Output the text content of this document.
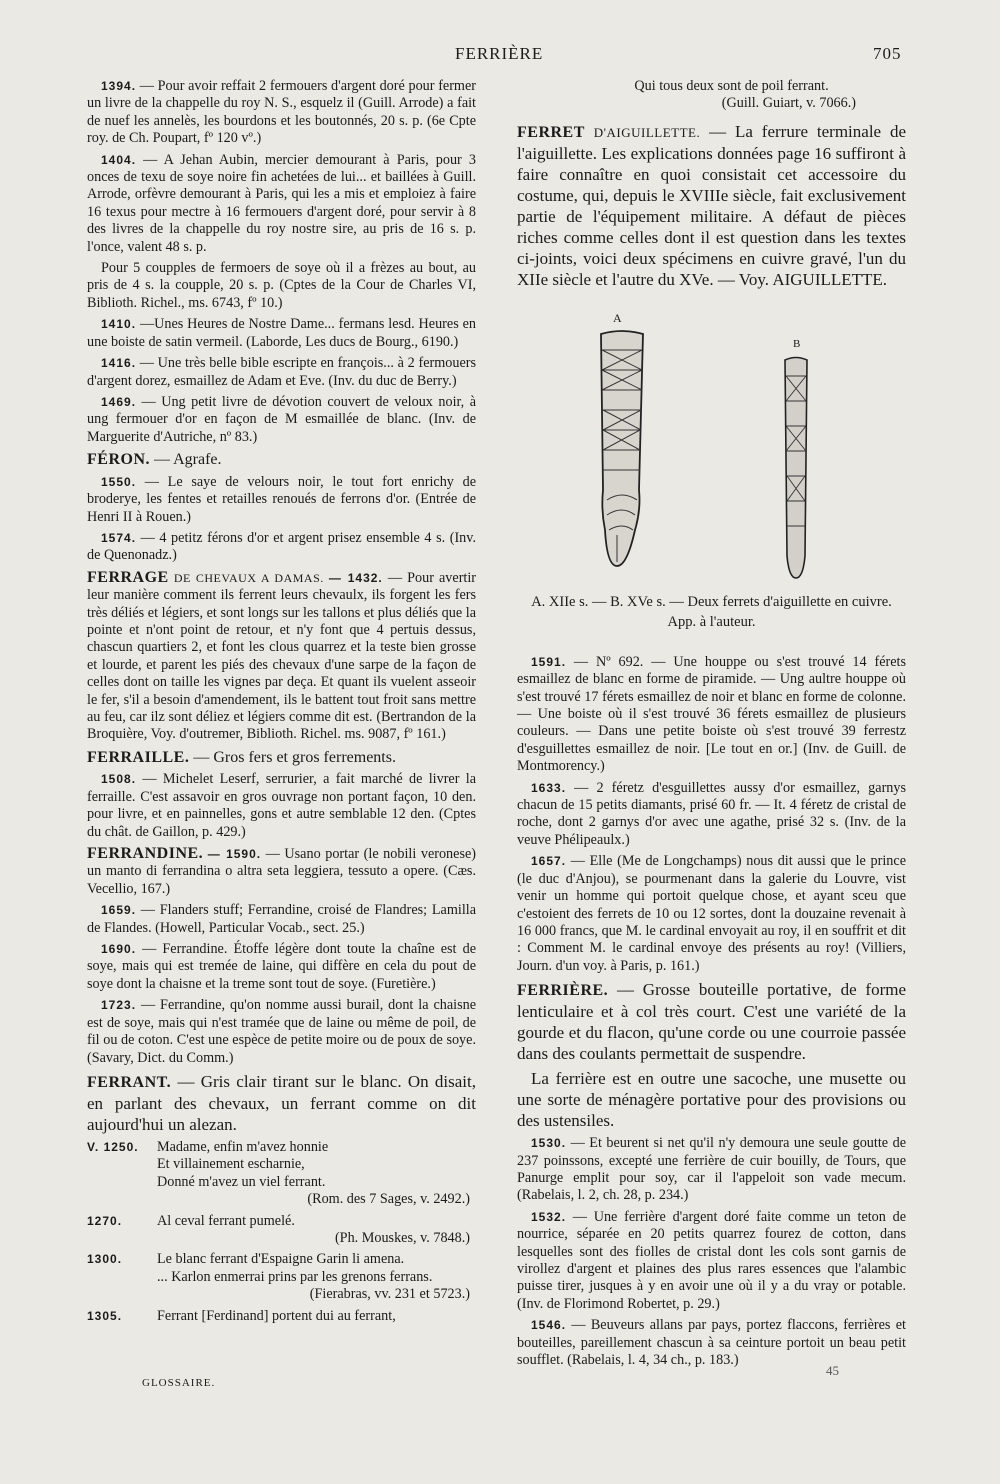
FERRIÈRE	705

1394. — Pour avoir reffait 2 fermouers d'argent doré pour fermer un livre de la chappelle du roy N. S., esquelz il (Guill. Arrode) a fait de nuef les annelès, les bourdons et les boutonnés, 20 s. p. (6e Cpte roy. de Ch. Poupart, fº 120 vº.)

1404. — A Jehan Aubin, mercier demourant à Paris, pour 3 onces de texu de soye noire fin achetées de lui... et baillées à Guill. Arrode, orfèvre demourant à Paris, qui les a mis et emploiez à faire 16 texus pour mectre à 16 fermouers d'argent doré, pour servir à 8 des livres de la chappelle du roy nostre sire, au pris de 16 s. p. l'once, valent 48 s. p.

Pour 5 coupples de fermoers de soye où il a frèzes au bout, au pris de 4 s. la coupple, 20 s. p. (Cptes de la Cour de Charles VI, Biblioth. Richel., ms. 6743, fº 10.)

1410. —Unes Heures de Nostre Dame... fermans lesd. Heures en une boiste de satin vermeil. (Laborde, Les ducs de Bourg., 6190.)

1416. — Une très belle bible escripte en françois... à 2 fermouers d'argent dorez, esmaillez de Adam et Eve. (Inv. du duc de Berry.)

1469. — Ung petit livre de dévotion couvert de veloux noir, à ung fermouer d'or en façon de M esmaillée de blanc. (Inv. de Marguerite d'Autriche, nº 83.)

FÉRON. — Agrafe.

1550. — Le saye de velours noir, le tout fort enrichy de broderye, les fentes et retailles renoués de ferrons d'or. (Entrée de Henri II à Rouen.)

1574. — 4 petitz férons d'or et argent prisez ensemble 4 s. (Inv. de Quenonadz.)

FERRAGE DE CHEVAUX A DAMAS. — 1432. — Pour avertir leur manière comment ils ferrent leurs chevaulx, ils forgent les fers très déliés et légiers, et sont longs sur les tallons et plus déliés que la pointe et n'ont point de retour, et n'y font que 4 pertuis dessus, chascun quartiers 2, et font les clous quarrez et la teste bien grosse et lourde, et parent les piés des chevaux d'une sarpe de la façon de celles dont on taille les vignes par deça. Et quant ils vuelent asseoir le fer, s'il a besoin d'amendement, ils le battent tout froit sans mettre au feu, car ilz sont déliez et légiers comme dit est. (Bertrandon de la Broquière, Voy. d'outremer, Biblioth. Richel. ms. 9087, fº 161.)

FERRAILLE. — Gros fers et gros ferrements.

1508. — Michelet Leserf, serrurier, a fait marché de livrer la ferraille. C'est assavoir en gros ouvrage non portant façon, 10 den. pour livre, et en painnelles, gons et autre semblable 12 den. (Cptes du chât. de Gaillon, p. 429.)

FERRANDINE. — 1590. — Usano portar (le nobili veronese) un manto di ferrandina o altra seta leggiera, tessuto a opere. (Cæs. Vecellio, 167.)

1659. — Flanders stuff; Ferrandine, croisé de Flandres; Lamilla de Flandes. (Howell, Particular Vocab., sect. 25.)

1690. — Ferrandine. Étoffe légère dont toute la chaîne est de soye, mais qui est tremée de laine, qui diffère en cela du pout de soye dont la chaisne et la treme sont tout de soye. (Furetière.)

1723. — Ferrandine, qu'on nomme aussi burail, dont la chaisne est de soye, mais qui n'est tramée que de laine ou même de poil, de fil ou de coton. C'est une espèce de petite moire ou de poux de soye. (Savary, Dict. du Comm.)

FERRANT. — Gris clair tirant sur le blanc. On disait, en parlant des chevaux, un ferrant comme on dit aujourd'hui un alezan.

V. 1250.	Madame, enfin m'avez honnie
Et villainement escharnie,
Donné m'avez un viel ferrant.
(Rom. des 7 Sages, v. 2492.)
1270.	Al ceval ferrant pumelé.
(Ph. Mouskes, v. 7848.)
1300.	Le blanc ferrant d'Espaigne Garin li amena.
... Karlon enmerrai prins par les grenons ferrans.
(Fierabras, vv. 231 et 5723.)
1305.	Ferrant [Ferdinand] portent dui au ferrant,
GLOSSAIRE.
Qui tous deux sont de poil ferrant.
(Guill. Guiart, v. 7066.)

FERRET D'AIGUILLETTE. — La ferrure terminale de l'aiguillette. Les explications données page 16 suffiront à faire connaître en quoi consistait cet accessoire du costume, qui, depuis le XVIIIe siècle, fait exclusivement partie de l'équipement militaire. A défaut de pièces riches comme celles dont il est question dans les textes ci-joints, voici deux spécimens en cuivre gravé, l'un du XIIe siècle et l'autre du XVe. — Voy. AIGUILLETTE.

A
B

A. XIIe s. — B. XVe s. — Deux ferrets d'aiguillette en cuivre. App. à l'auteur.

1591. — Nº 692. — Une houppe ou s'est trouvé 14 férets esmaillez de blanc en forme de piramide. — Ung aultre houppe où s'est trouvé 17 férets esmaillez de noir et blanc en forme de colonne. — Une boiste où il s'est trouvé 36 férets esmaillez de plusieurs couleurs. — Dans une petite boiste où s'est trouvé 39 ferrestz d'esguillettes esmaillez de noir. [Le tout en or.] (Inv. de Guill. de Montmorency.)

1633. — 2 féretz d'esguillettes aussy d'or esmaillez, garnys chacun de 15 petits diamants, prisé 60 fr. — It. 4 féretz de cristal de roche, dont 2 garnys d'or avec une agathe, prisé 32 s. (Inv. de la veuve Phélipeaulx.)

1657. — Elle (Me de Longchamps) nous dit aussi que le prince (le duc d'Anjou), se pourmenant dans la galerie du Louvre, vist venir un homme qui portoit quelque chose, et ayant sceu que c'estoient des ferrets de 10 ou 12 sortes, dont la douzaine revenait à 16 000 francs, que M. le cardinal envoyait au roy, il en souffrit et dit : Comment M. le cardinal envoye des présents au roy! (Villiers, Journ. d'un voy. à Paris, p. 161.)

FERRIÈRE. — Grosse bouteille portative, de forme lenticulaire et à col très court. C'est une variété de la gourde et du flacon, qu'une corde ou une courroie passée dans des coulants permettait de suspendre.

La ferrière est en outre une sacoche, une musette ou une sorte de ménagère portative pour des provisions ou des ustensiles.

1530. — Et beurent si net qu'il n'y demoura une seule goutte de 237 poinssons, excepté une ferrière de cuir bouilly, de Tours, que Panurge emplit pour soy, car il l'appeloit son vade mecum. (Rabelais, l. 2, ch. 28, p. 234.)

1532. — Une ferrière d'argent doré faite comme un teton de nourrice, séparée en 20 petits quarrez fourez de cotton, dans lesquelles sont des fiolles de cristal dont les cols sont garnis de virollez d'argent et plaines des plus rares essences que l'alambic puisse tirer, jusques à y en avoir une où il y a du vray or potable. (Inv. de Florimond Robertet, p. 29.)

1546. — Beuveurs allans par pays, portez flaccons, ferrières et bouteilles, pareillement chascun à sa ceinture portoit un beau petit soufflet. (Rabelais, l. 4, 34 ch., p. 183.)

45
